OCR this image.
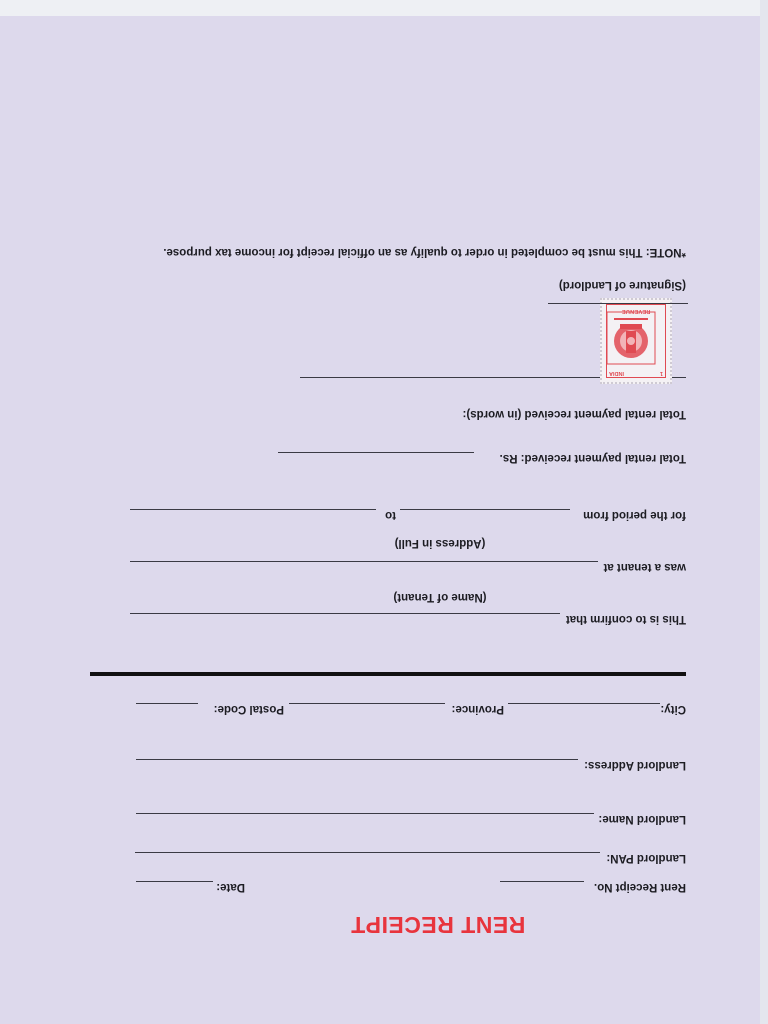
RENT RECEIPT
Rent Receipt No.
Date:
Landlord PAN:
Landlord Name:
Landlord Address:
City:
Province:
Postal Code:
This is to confirm that
(Name of Tenant)
was a tenant at
(Address in Full)
for the period from
to
Total rental payment received: Rs.
Total rental payment received (in words):
1
INDIA
REVENUE
(Signature of Landlord)
*NOTE: This must be completed in order to qualify as an official receipt for income tax purpose.
